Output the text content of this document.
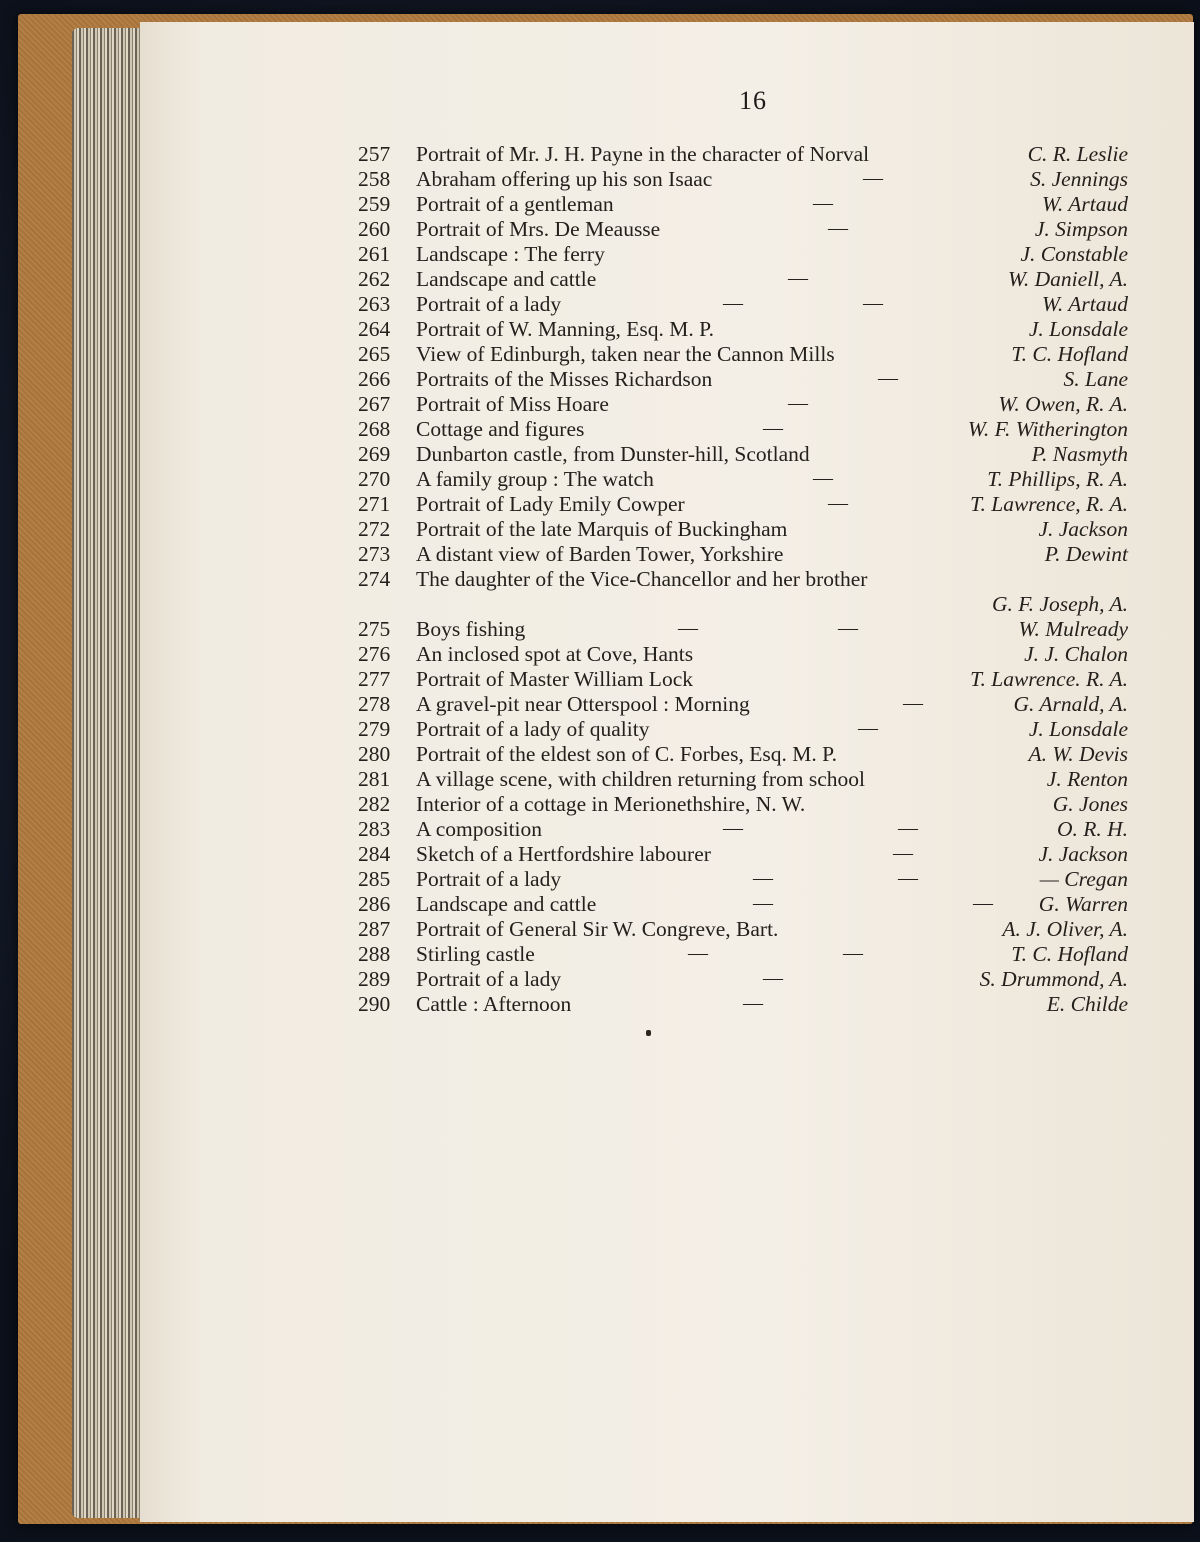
16
257	Portrait of Mr. J. H. Payne in the character of Norval	C. R. Leslie
258	Abraham offering up his son Isaac	—	S. Jennings
259	Portrait of a gentleman	—	W. Artaud
260	Portrait of Mrs. De Meausse	—	J. Simpson
261	Landscape : The ferry	J. Constable
262	Landscape and cattle	—	W. Daniell, A.
263	Portrait of a lady	—	—	W. Artaud
264	Portrait of W. Manning, Esq. M. P.	J. Lonsdale
265	View of Edinburgh, taken near the Cannon Mills	T. C. Hofland
266	Portraits of the Misses Richardson	—	S. Lane
267	Portrait of Miss Hoare	—	W. Owen, R. A.
268	Cottage and figures	—	W. F. Witherington
269	Dunbarton castle, from Dunster-hill, Scotland	P. Nasmyth
270	A family group : The watch	—	T. Phillips, R. A.
271	Portrait of Lady Emily Cowper	—	T. Lawrence, R. A.
272	Portrait of the late Marquis of Buckingham	J. Jackson
273	A distant view of Barden Tower, Yorkshire	P. Dewint
274	The daughter of the Vice-Chancellor and her brother
G. F. Joseph, A.
275	Boys fishing	—	—	W. Mulready
276	An inclosed spot at Cove, Hants	J. J. Chalon
277	Portrait of Master William Lock	T. Lawrence. R. A.
278	A gravel-pit near Otterspool : Morning	—	G. Arnald, A.
279	Portrait of a lady of quality	—	J. Lonsdale
280	Portrait of the eldest son of C. Forbes, Esq. M. P.	A. W. Devis
281	A village scene, with children returning from school	J. Renton
282	Interior of a cottage in Merionethshire, N. W.	G. Jones
283	A composition	—	—	O. R. H.
284	Sketch of a Hertfordshire labourer	—	J. Jackson
285	Portrait of a lady	—	—	— Cregan
286	Landscape and cattle	—	— G. Warren
287	Portrait of General Sir W. Congreve, Bart.	A. J. Oliver, A.
288	Stirling castle	—	—	T. C. Hofland
289	Portrait of a lady	—	S. Drummond, A.
290	Cattle : Afternoon	—	E. Childe
